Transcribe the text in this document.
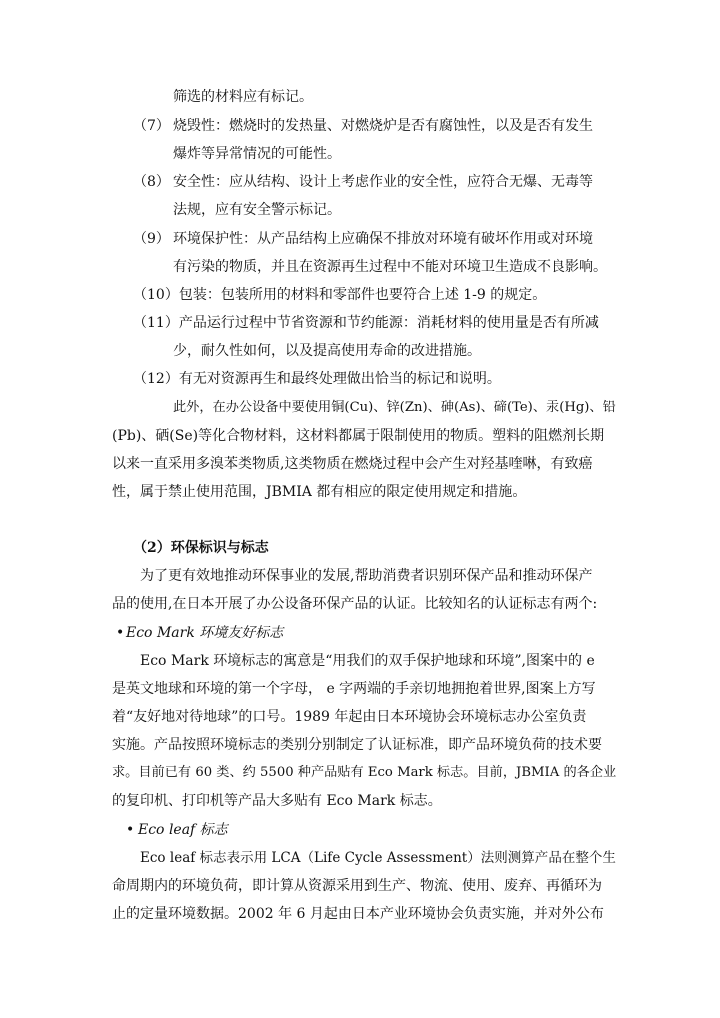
筛选的材料应有标记。
（7） 烧毁性：燃烧时的发热量、对燃烧炉是否有腐蚀性，以及是否有发生
爆炸等异常情况的可能性。
（8） 安全性：应从结构、设计上考虑作业的安全性，应符合无爆、无毒等
法规，应有安全警示标记。
（9） 环境保护性：从产品结构上应确保不排放对环境有破坏作用或对环境
有污染的物质，并且在资源再生过程中不能对环境卫生造成不良影响。
（10）包装：包装所用的材料和零部件也要符合上述 1-9 的规定。
（11）产品运行过程中节省资源和节约能源：消耗材料的使用量是否有所减
少，耐久性如何，以及提高使用寿命的改进措施。
（12）有无对资源再生和最终处理做出恰当的标记和说明。
此外，在办公设备中要使用铜(Cu)、锌(Zn)、砷(As)、碲(Te)、汞(Hg)、铅
(Pb)、硒(Se)等化合物材料，这材料都属于限制使用的物质。塑料的阻燃剂长期
以来一直采用多溴苯类物质,这类物质在燃烧过程中会产生对羟基喹啉，有致癌
性，属于禁止使用范围，JBMIA 都有相应的限定使用规定和措施。
（2）环保标识与标志
为了更有效地推动环保事业的发展,帮助消费者识别环保产品和推动环保产
品的使用,在日本开展了办公设备环保产品的认证。比较知名的认证标志有两个:
• Eco Mark 环境友好标志
Eco Mark 环境标志的寓意是“用我们的双手保护地球和环境”,图案中的 e
是英文地球和环境的第一个字母， e 字两端的手亲切地拥抱着世界,图案上方写
着“友好地对待地球”的口号。1989 年起由日本环境协会环境标志办公室负责
实施。产品按照环境标志的类别分别制定了认证标准，即产品环境负荷的技术要
求。目前已有 60 类、约 5500 种产品贴有 Eco Mark 标志。目前，JBMIA 的各企业
的复印机、打印机等产品大多贴有 Eco Mark 标志。
• Eco leaf 标志
Eco leaf 标志表示用 LCA（Life Cycle Assessment）法则测算产品在整个生
命周期内的环境负荷，即计算从资源采用到生产、物流、使用、废弃、再循环为
止的定量环境数据。2002 年 6 月起由日本产业环境协会负责实施，并对外公布
